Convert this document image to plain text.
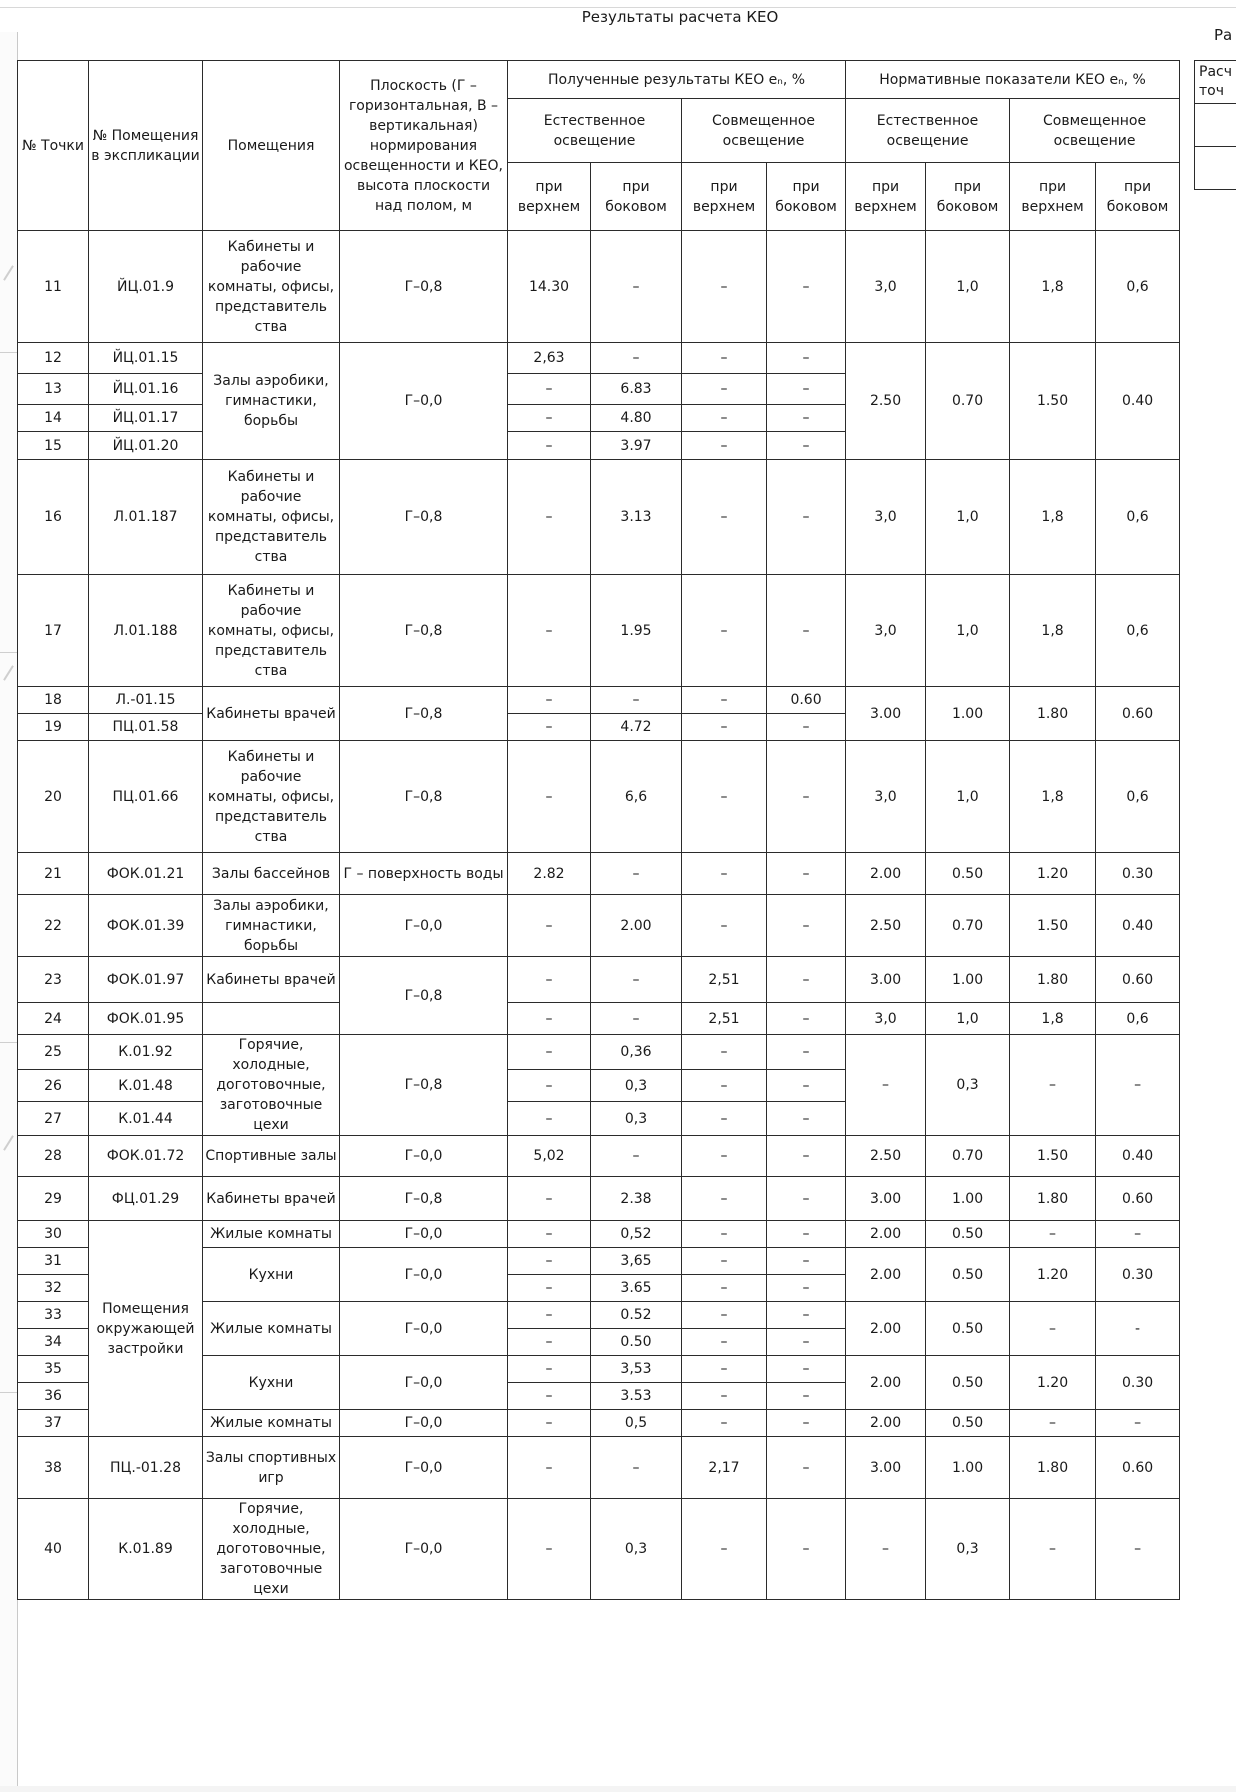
Результаты расчета КЕО
Ра
Расч
точ

№ Точки	№ Помещения в экспликации	Помещения	Плоскость (Г – горизонтальная, В – вертикальная) нормирования освещенности и КЕО, высота плоскости над полом, м	Полученные результаты КЕО eₙ, %				Нормативные показатели КЕО eₙ, %			
				Естественное освещение		Совмещенное освещение		Естественное освещение		Совмещенное освещение	
				при верхнем	при боковом	при верхнем	при боковом	при верхнем	при боковом	при верхнем	при боковом
11	ЙЦ.01.9	Кабинеты и рабочие комнаты, офисы, представитель ства	Г–0,8	14.30	–	–	–	3,0	1,0	1,8	0,6
12	ЙЦ.01.15	Залы аэробики, гимнастики, борьбы	Г–0,0	2,63	–	–	–	2.50	0.70	1.50	0.40
13	ЙЦ.01.16			–	6.83	–	–				
14	ЙЦ.01.17			–	4.80	–	–				
15	ЙЦ.01.20			–	3.97	–	–				
16	Л.01.187	Кабинеты и рабочие комнаты, офисы, представитель ства	Г–0,8	–	3.13	–	–	3,0	1,0	1,8	0,6
17	Л.01.188	Кабинеты и рабочие комнаты, офисы, представитель ства	Г–0,8	–	1.95	–	–	3,0	1,0	1,8	0,6
18	Л.-01.15	Кабинеты врачей	Г–0,8	–	–	–	0.60	3.00	1.00	1.80	0.60
19	ПЦ.01.58			–	4.72	–	–				
20	ПЦ.01.66	Кабинеты и рабочие комнаты, офисы, представитель ства	Г–0,8	–	6,6	–	–	3,0	1,0	1,8	0,6
21	ФОК.01.21	Залы бассейнов	Г – поверхность воды	2.82	–	–	–	2.00	0.50	1.20	0.30
22	ФОК.01.39	Залы аэробики, гимнастики, борьбы	Г–0,0	–	2.00	–	–	2.50	0.70	1.50	0.40
23	ФОК.01.97	Кабинеты врачей	Г–0,8	–	–	2,51	–	3.00	1.00	1.80	0.60
24	ФОК.01.95			–	–	2,51	–	3,0	1,0	1,8	0,6
25	К.01.92	Горячие, холодные, доготовочные, заготовочные цехи	Г–0,8	–	0,36	–	–	–	0,3	–	–
26	К.01.48			–	0,3	–	–				
27	К.01.44			–	0,3	–	–				
28	ФОК.01.72	Спортивные залы	Г–0,0	5,02	–	–	–	2.50	0.70	1.50	0.40
29	ФЦ.01.29	Кабинеты врачей	Г–0,8	–	2.38	–	–	3.00	1.00	1.80	0.60
30	Помещения окружающей застройки	Жилые комнаты	Г–0,0	–	0,52	–	–	2.00	0.50	–	–
31		Кухни	Г–0,0	–	3,65	–	–	2.00	0.50	1.20	0.30
32				–	3.65	–	–				
33		Жилые комнаты	Г–0,0	–	0.52	–	–	2.00	0.50	–	-
34				–	0.50	–	–				
35		Кухни	Г–0,0	–	3,53	–	–	2.00	0.50	1.20	0.30
36				–	3.53	–	–				
37		Жилые комнаты	Г–0,0	–	0,5	–	–	2.00	0.50	–	–
38	ПЦ.-01.28	Залы спортивных игр	Г–0,0	–	–	2,17	–	3.00	1.00	1.80	0.60
40	К.01.89	Горячие, холодные, доготовочные, заготовочные цехи	Г–0,0	–	0,3	–	–	–	0,3	–	–
